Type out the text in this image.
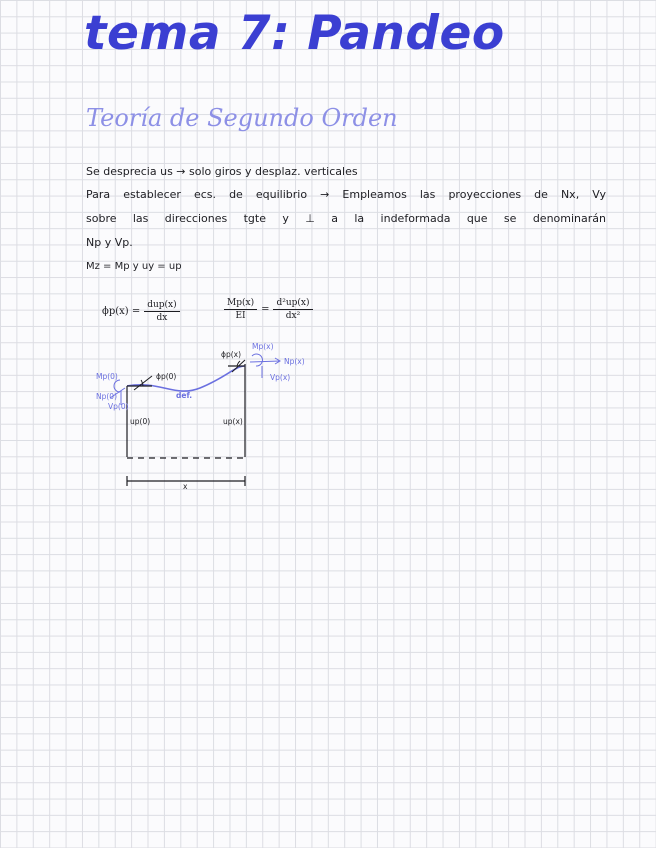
tema 7: Pandeo
Teoría de Segundo Orden
Se desprecia us → solo giros y desplaz. verticales
Para establecer ecs. de equilibrio → Empleamos las proyecciones de Nx, Vy
sobre las direcciones tgte y ⊥ a la indeformada que se denominarán
Np y Vp.
Mz = Mp y uy = up
$\phi p(x) = \frac{\text{dup(x)}}{dx}$	$\frac{Mp(x)}{EI} = \frac{\text{d²up(x)}}{\text{dx²}}$
Mp(0)
Np(0)
Vp(0)
ϕp(0)
def.
up(0)
ϕp(x)
Mp(x)
Np(x)
Vp(x)
up(x)
x
